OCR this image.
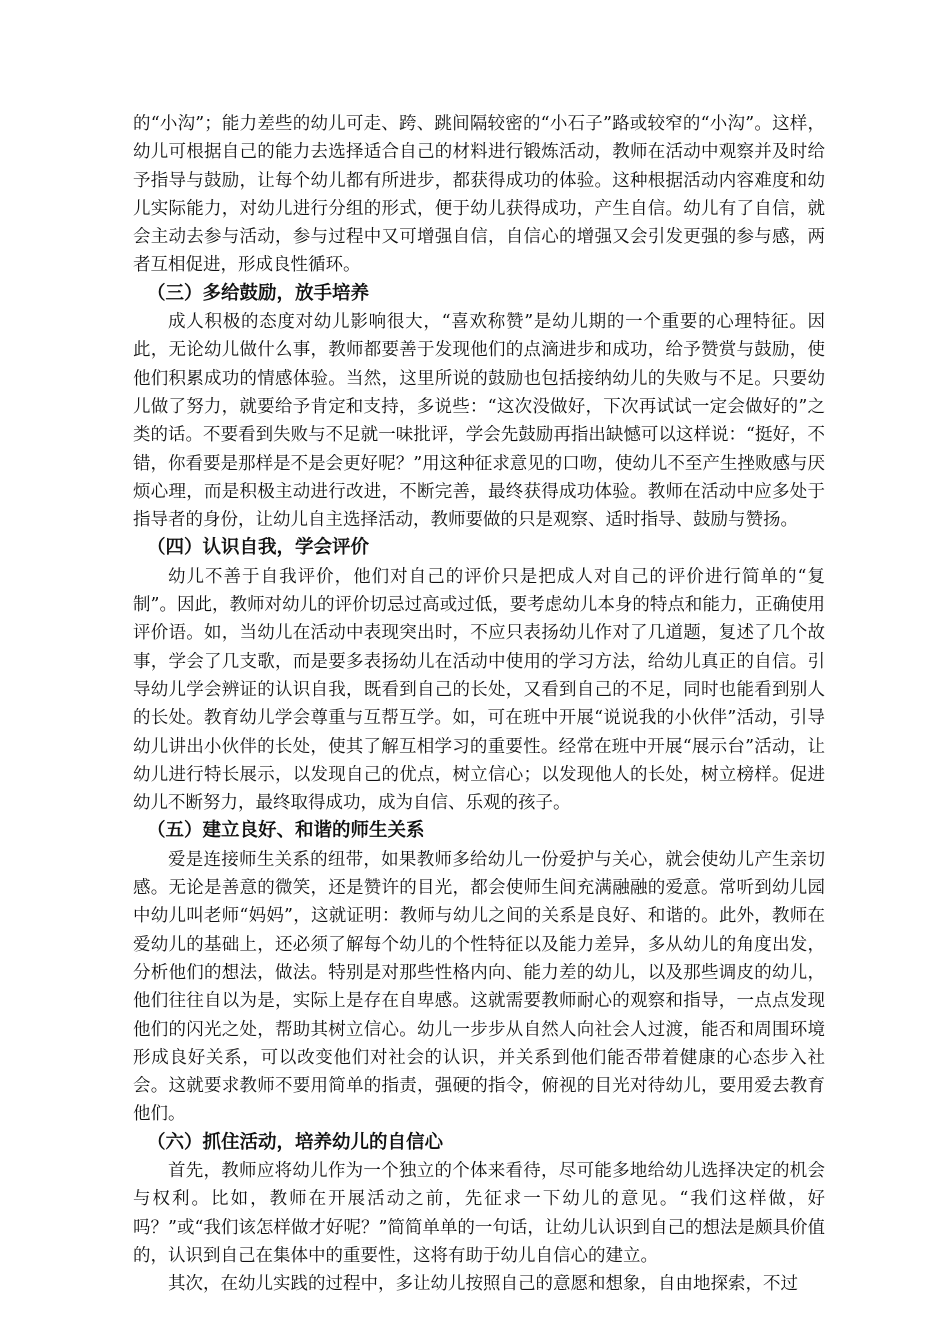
的“小沟”；能力差些的幼儿可走、跨、跳间隔较密的“小石子”路或较窄的“小沟”。这样，幼儿可根据自己的能力去选择适合自己的材料进行锻炼活动，教师在活动中观察并及时给予指导与鼓励，让每个幼儿都有所进步，都获得成功的体验。这种根据活动内容难度和幼儿实际能力，对幼儿进行分组的形式，便于幼儿获得成功，产生自信。幼儿有了自信，就会主动去参与活动，参与过程中又可增强自信，自信心的增强又会引发更强的参与感，两者互相促进，形成良性循环。

（三）多给鼓励，放手培养

成人积极的态度对幼儿影响很大，“喜欢称赞”是幼儿期的一个重要的心理特征。因此，无论幼儿做什么事，教师都要善于发现他们的点滴进步和成功，给予赞赏与鼓励，使他们积累成功的情感体验。当然，这里所说的鼓励也包括接纳幼儿的失败与不足。只要幼儿做了努力，就要给予肯定和支持，多说些：“这次没做好，下次再试试一定会做好的”之类的话。不要看到失败与不足就一味批评，学会先鼓励再指出缺憾可以这样说：“挺好，不错，你看要是那样是不是会更好呢？”用这种征求意见的口吻，使幼儿不至产生挫败感与厌烦心理，而是积极主动进行改进，不断完善，最终获得成功体验。教师在活动中应多处于指导者的身份，让幼儿自主选择活动，教师要做的只是观察、适时指导、鼓励与赞扬。

（四）认识自我，学会评价

幼儿不善于自我评价，他们对自己的评价只是把成人对自己的评价进行简单的“复制”。因此，教师对幼儿的评价切忌过高或过低，要考虑幼儿本身的特点和能力，正确使用评价语。如，当幼儿在活动中表现突出时，不应只表扬幼儿作对了几道题，复述了几个故事，学会了几支歌，而是要多表扬幼儿在活动中使用的学习方法，给幼儿真正的自信。引导幼儿学会辨证的认识自我，既看到自己的长处，又看到自己的不足，同时也能看到别人的长处。教育幼儿学会尊重与互帮互学。如，可在班中开展“说说我的小伙伴”活动，引导幼儿讲出小伙伴的长处，使其了解互相学习的重要性。经常在班中开展“展示台”活动，让幼儿进行特长展示，以发现自己的优点，树立信心；以发现他人的长处，树立榜样。促进幼儿不断努力，最终取得成功，成为自信、乐观的孩子。

（五）建立良好、和谐的师生关系

爱是连接师生关系的纽带，如果教师多给幼儿一份爱护与关心，就会使幼儿产生亲切感。无论是善意的微笑，还是赞许的目光，都会使师生间充满融融的爱意。常听到幼儿园中幼儿叫老师“妈妈”，这就证明：教师与幼儿之间的关系是良好、和谐的。此外，教师在爱幼儿的基础上，还必须了解每个幼儿的个性特征以及能力差异，多从幼儿的角度出发，分析他们的想法，做法。特别是对那些性格内向、能力差的幼儿，以及那些调皮的幼儿，他们往往自以为是，实际上是存在自卑感。这就需要教师耐心的观察和指导，一点点发现他们的闪光之处，帮助其树立信心。幼儿一步步从自然人向社会人过渡，能否和周围环境形成良好关系，可以改变他们对社会的认识，并关系到他们能否带着健康的心态步入社会。这就要求教师不要用简单的指责，强硬的指令，俯视的目光对待幼儿，要用爱去教育他们。

（六）抓住活动，培养幼儿的自信心

首先，教师应将幼儿作为一个独立的个体来看待，尽可能多地给幼儿选择决定的机会与权利。比如，教师在开展活动之前，先征求一下幼儿的意见。“我们这样做，好吗？”或“我们该怎样做才好呢？”简简单单的一句话，让幼儿认识到自己的想法是颇具价值的，认识到自己在集体中的重要性，这将有助于幼儿自信心的建立。

其次，在幼儿实践的过程中，多让幼儿按照自己的意愿和想象，自由地探索，不过
